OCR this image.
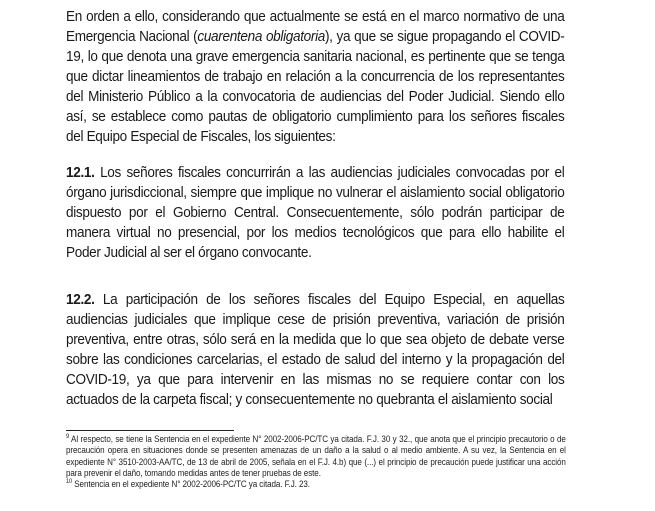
En orden a ello, considerando que actualmente se está en el marco normativo de una Emergencia Nacional (cuarentena obligatoria), ya que se sigue propagando el COVID-19, lo que denota una grave emergencia sanitaria nacional, es pertinente que se tenga que dictar lineamientos de trabajo en relación a la concurrencia de los representantes del Ministerio Público a la convocatoria de audiencias del Poder Judicial. Siendo ello así, se establece como pautas de obligatorio cumplimiento para los señores fiscales del Equipo Especial de Fiscales, los siguientes:
12.1. Los señores fiscales concurrirán a las audiencias judiciales convocadas por el órgano jurisdiccional, siempre que implique no vulnerar el aislamiento social obligatorio dispuesto por el Gobierno Central. Consecuentemente, sólo podrán participar de manera virtual no presencial, por los medios tecnológicos que para ello habilite el Poder Judicial al ser el órgano convocante.
12.2. La participación de los señores fiscales del Equipo Especial, en aquellas audiencias judiciales que implique cese de prisión preventiva, variación de prisión preventiva, entre otras, sólo será en la medida que lo que sea objeto de debate verse sobre las condiciones carcelarias, el estado de salud del interno y la propagación del COVID-19, ya que para intervenir en las mismas no se requiere contar con los actuados de la carpeta fiscal; y consecuentemente no quebranta el aislamiento social

$^9$ Al respecto, se tiene la Sentencia en el expediente N° 2002-2006-PC/TC ya citada. F.J. 30 y 32., que anota que el principio precautorio o de precaución opera en situaciones donde se presenten amenazas de un daño a la salud o al medio ambiente. A su vez, la Sentencia en el expediente N° 3510-2003-AA/TC, de 13 de abril de 2005, señala en el F.J. 4.b) que (...) el principio de precaución puede justificar una acción para prevenir el daño, tomando medidas antes de tener pruebas de este.

$^{10}$ Sentencia en el expediente N° 2002-2006-PC/TC ya citada. F.J. 23.
